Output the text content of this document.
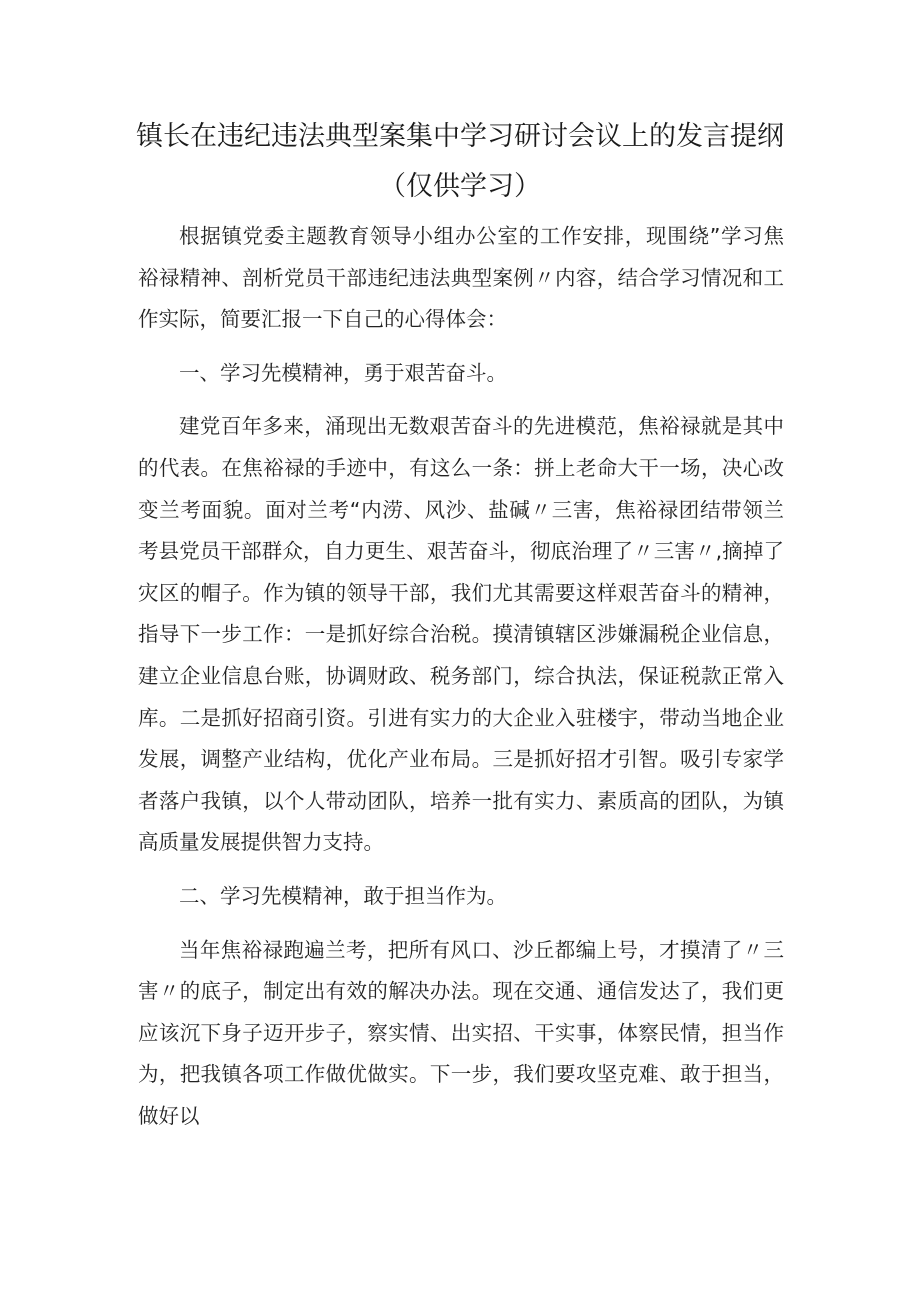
镇长在违纪违法典型案集中学习研讨会议上的发言提纲（仅供学习）

根据镇党委主题教育领导小组办公室的工作安排，现围绕”学习焦裕禄精神、剖析党员干部违纪违法典型案例〃内容，结合学习情况和工作实际，简要汇报一下自己的心得体会：

一、学习先模精神，勇于艰苦奋斗。

建党百年多来，涌现出无数艰苦奋斗的先进模范，焦裕禄就是其中的代表。在焦裕禄的手迹中，有这么一条：拼上老命大干一场，决心改变兰考面貌。面对兰考“内涝、风沙、盐碱〃三害，焦裕禄团结带领兰考县党员干部群众，自力更生、艰苦奋斗，彻底治理了〃三害〃,摘掉了灾区的帽子。作为镇的领导干部，我们尤其需要这样艰苦奋斗的精神，指导下一步工作：一是抓好综合治税。摸清镇辖区涉嫌漏税企业信息，建立企业信息台账，协调财政、税务部门，综合执法，保证税款正常入库。二是抓好招商引资。引进有实力的大企业入驻楼宇，带动当地企业发展，调整产业结构，优化产业布局。三是抓好招才引智。吸引专家学者落户我镇，以个人带动团队，培养一批有实力、素质高的团队，为镇高质量发展提供智力支持。

二、学习先模精神，敢于担当作为。

当年焦裕禄跑遍兰考，把所有风口、沙丘都编上号，才摸清了〃三害〃的底子，制定出有效的解决办法。现在交通、通信发达了，我们更应该沉下身子迈开步子，察实情、出实招、干实事，体察民情，担当作为，把我镇各项工作做优做实。下一步，我们要攻坚克难、敢于担当，做好以
